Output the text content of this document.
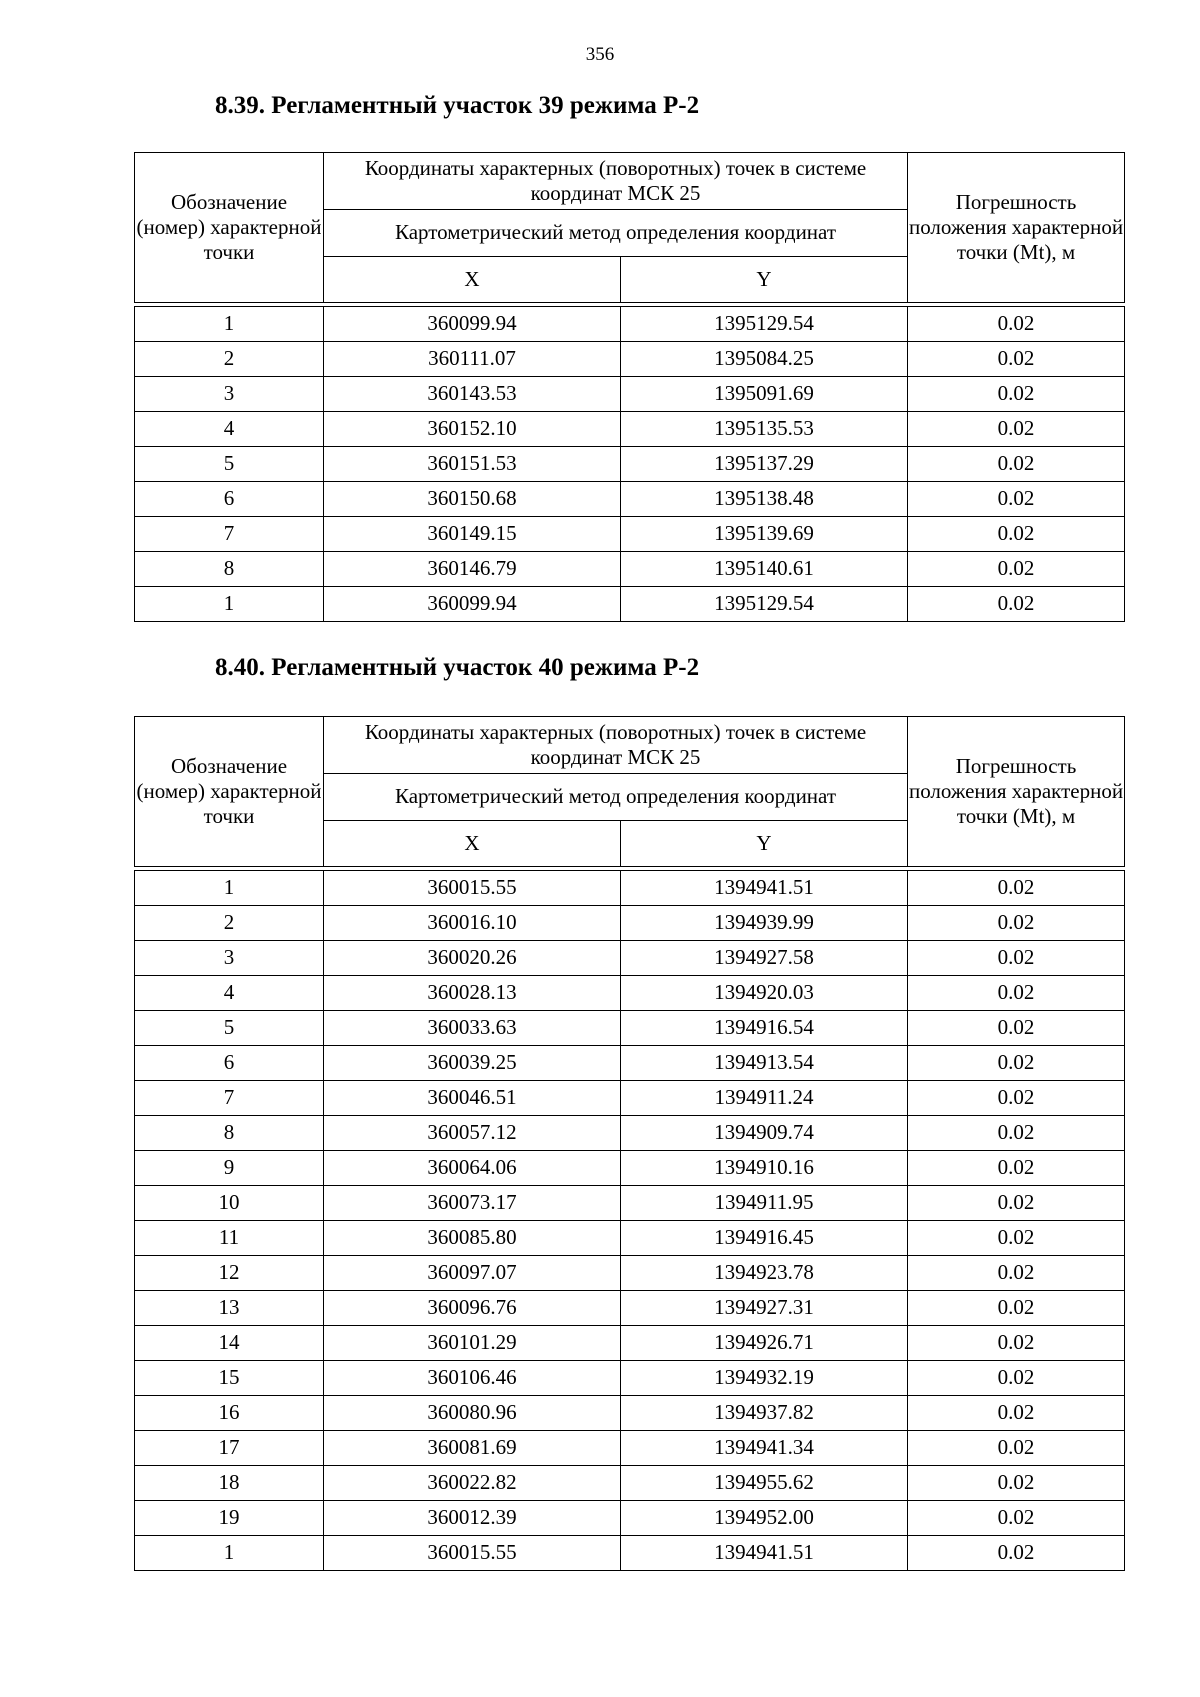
356
8.39. Регламентный участок 39 режима Р-2
Обозначение (номер) характерной точки	Координаты характерных (поворотных) точек в системе координат МСК 25		Погрешность положения характерной точки (Mt), м
	Картометрический метод определения координат		
	X	Y	

1	360099.94	1395129.54	0.02
2	360111.07	1395084.25	0.02
3	360143.53	1395091.69	0.02
4	360152.10	1395135.53	0.02
5	360151.53	1395137.29	0.02
6	360150.68	1395138.48	0.02
7	360149.15	1395139.69	0.02
8	360146.79	1395140.61	0.02
1	360099.94	1395129.54	0.02
8.40. Регламентный участок 40 режима Р-2
Обозначение (номер) характерной точки	Координаты характерных (поворотных) точек в системе координат МСК 25		Погрешность положения характерной точки (Mt), м
	Картометрический метод определения координат		
	X	Y	

1	360015.55	1394941.51	0.02
2	360016.10	1394939.99	0.02
3	360020.26	1394927.58	0.02
4	360028.13	1394920.03	0.02
5	360033.63	1394916.54	0.02
6	360039.25	1394913.54	0.02
7	360046.51	1394911.24	0.02
8	360057.12	1394909.74	0.02
9	360064.06	1394910.16	0.02
10	360073.17	1394911.95	0.02
11	360085.80	1394916.45	0.02
12	360097.07	1394923.78	0.02
13	360096.76	1394927.31	0.02
14	360101.29	1394926.71	0.02
15	360106.46	1394932.19	0.02
16	360080.96	1394937.82	0.02
17	360081.69	1394941.34	0.02
18	360022.82	1394955.62	0.02
19	360012.39	1394952.00	0.02
1	360015.55	1394941.51	0.02
